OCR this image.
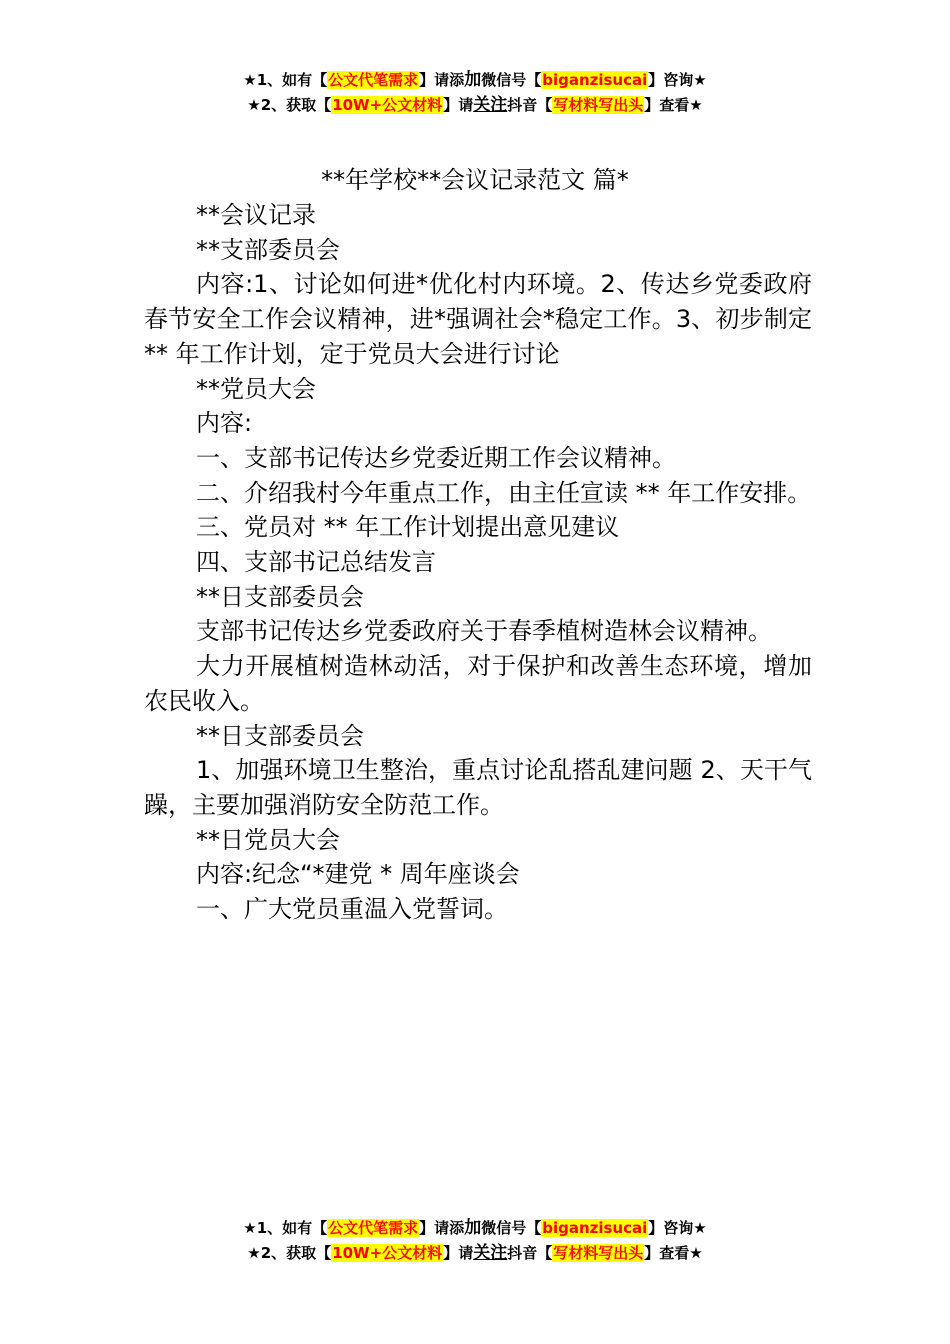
★1、如有【公文代笔需求】请添加微信号【biganzisucai】咨询★
★2、获取【10W+公文材料】请关注抖音【写材料写出头】查看★
**年学校**会议记录范文 篇*

**会议记录

**支部委员会

内容:1、讨论如何进*优化村内环境。2、传达乡党委政府春节安全工作会议精神，进*强调社会*稳定工作。3、初步制定 ** 年工作计划，定于党员大会进行讨论

**党员大会

内容:

一、支部书记传达乡党委近期工作会议精神。

二、介绍我村今年重点工作，由主任宣读 ** 年工作安排。

三、党员对 ** 年工作计划提出意见建议

四、支部书记总结发言

**日支部委员会

支部书记传达乡党委政府关于春季植树造林会议精神。

大力开展植树造林动活，对于保护和改善生态环境，增加农民收入。

**日支部委员会

1、加强环境卫生整治，重点讨论乱搭乱建问题 2、天干气躁，主要加强消防安全防范工作。

**日党员大会

内容:纪念“*建党 * 周年座谈会

一、广大党员重温入党誓词。

★1、如有【公文代笔需求】请添加微信号【biganzisucai】咨询★
★2、获取【10W+公文材料】请关注抖音【写材料写出头】查看★
